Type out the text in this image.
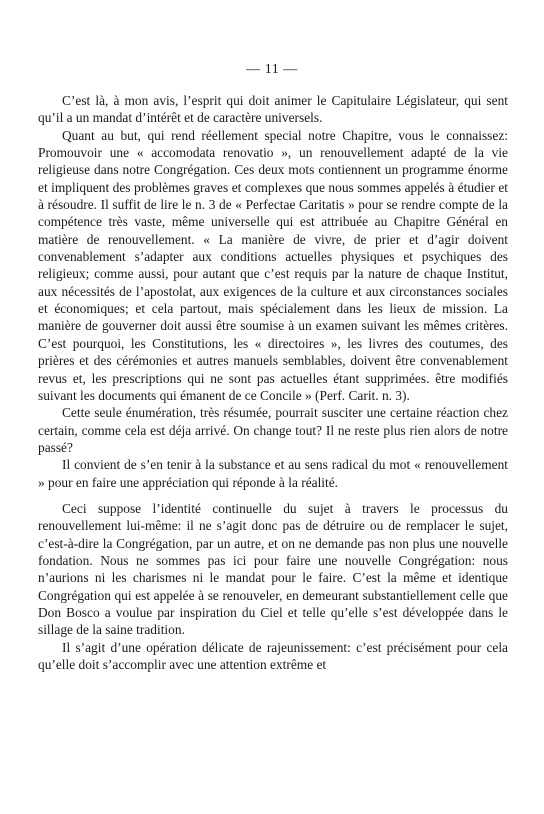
— 11 —

C’est là, à mon avis, l’esprit qui doit animer le Capitulaire Législateur, qui sent qu’il a un mandat d’intérêt et de caractère universels.

Quant au but, qui rend réellement special notre Chapitre, vous le connaissez: Promouvoir une « accomodata renovatio », un renouvellement adapté de la vie religieuse dans notre Congrégation. Ces deux mots contiennent un programme énorme et impliquent des problèmes graves et complexes que nous sommes appelés à étudier et à résoudre. Il suffit de lire le n. 3 de « Perfectae Caritatis » pour se rendre compte de la compétence très vaste, même universelle qui est attribuée au Chapitre Général en matière de renouvellement. « La manière de vivre, de prier et d’agir doivent convenablement s’adapter aux conditions actuelles physiques et psychiques des religieux; comme aussi, pour autant que c’est requis par la nature de chaque Institut, aux nécessités de l’apostolat, aux exigences de la culture et aux circonstances sociales et économiques; et cela partout, mais spécialement dans les lieux de mission. La manière de gouverner doit aussi être soumise à un examen suivant les mêmes critères. C’est pourquoi, les Constitutions, les « directoires », les livres des coutumes, des prières et des cérémonies et autres manuels semblables, doivent être convenablement revus et, les prescriptions qui ne sont pas actuelles étant supprimées. être modifiés suivant les documents qui émanent de ce Concile » (Perf. Carit. n. 3).

Cette seule énumération, très résumée, pourrait susciter une certaine réaction chez certain, comme cela est déja arrivé. On change tout? Il ne reste plus rien alors de notre passé?

Il convient de s’en tenir à la substance et au sens radical du mot « renouvellement » pour en faire une appréciation qui réponde à la réalité.

Ceci suppose l’identité continuelle du sujet à travers le processus du renouvellement lui-même: il ne s’agit donc pas de détruire ou de remplacer le sujet, c’est-à-dire la Congrégation, par un autre, et on ne demande pas non plus une nouvelle fondation. Nous ne sommes pas ici pour faire une nouvelle Congrégation: nous n’aurions ni les charismes ni le mandat pour le faire. C’est la même et identique Congrégation qui est appelée à se renouveler, en demeurant substantiellement celle que Don Bosco a voulue par inspiration du Ciel et telle qu’elle s’est développée dans le sillage de la saine tradition.

Il s’agit d’une opération délicate de rajeunissement: c’est précisément pour cela qu’elle doit s’accomplir avec une attention extrême et
